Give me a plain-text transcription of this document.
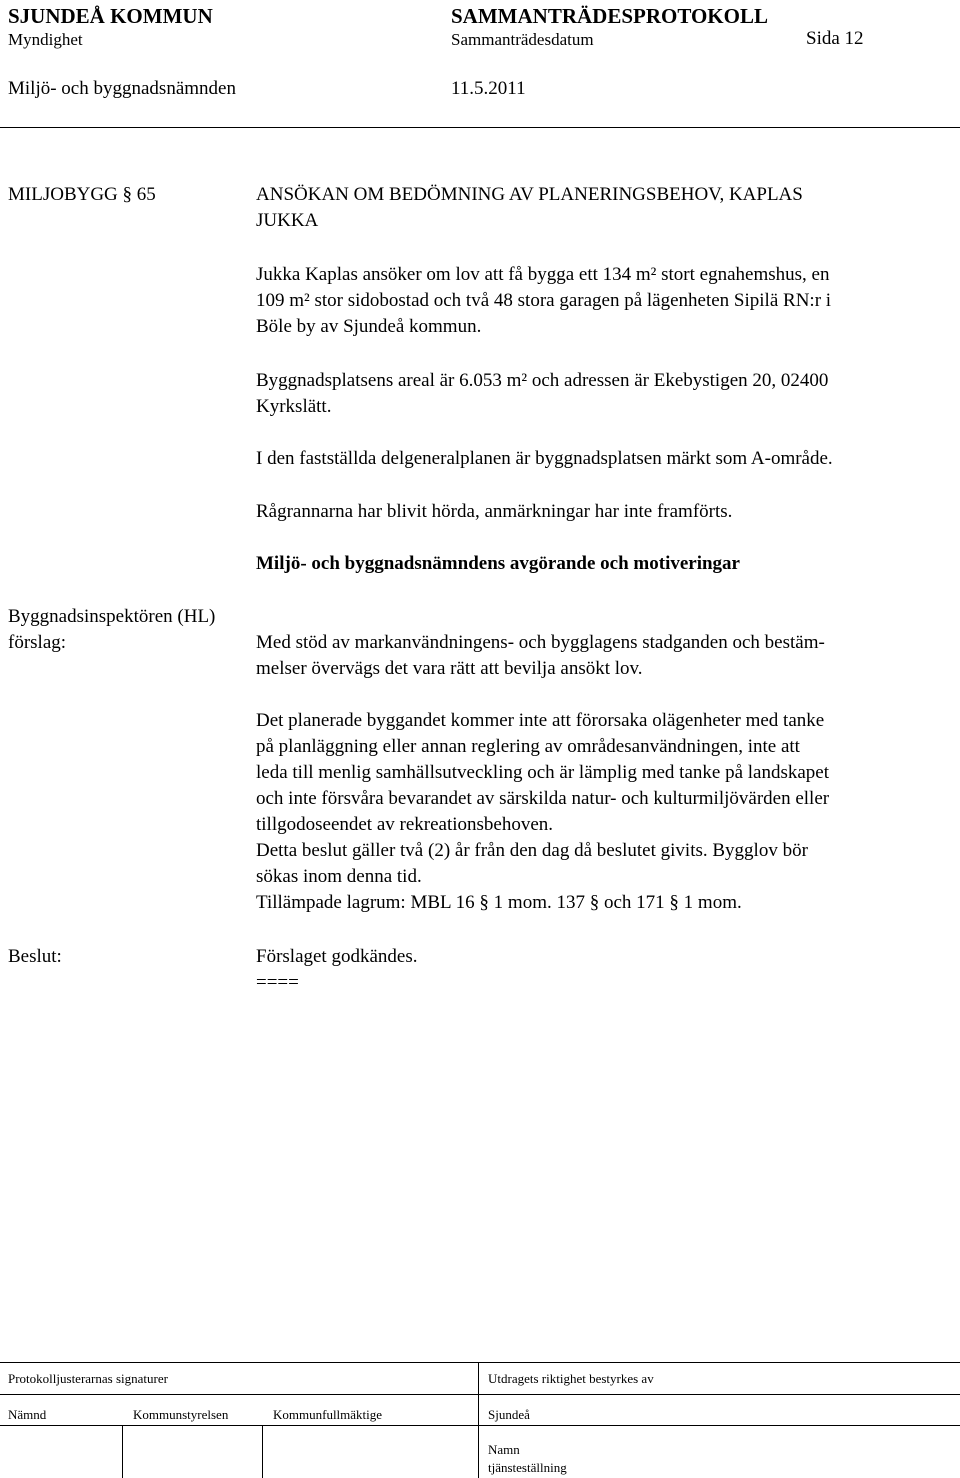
SJUNDEÅ KOMMUN	SAMMANTRÄDESPROTOKOLL
Myndighet	Sammanträdesdatum	Sida 12
Miljö- och byggnadsnämnden	11.5.2011
MILJOBYGG § 65	ANSÖKAN OM BEDÖMNING AV PLANERINGSBEHOV, KAPLAS
JUKKA
Jukka Kaplas ansöker om lov att få bygga ett 134 m² stort egnahemshus, en
109 m² stor sidobostad och två 48 stora garagen på lägenheten Sipilä RN:r i
Böle by av Sjundeå kommun.
Byggnadsplatsens areal är 6.053 m² och adressen är Ekebystigen 20, 02400
Kyrkslätt.
I den fastställda delgeneralplanen är byggnadsplatsen märkt som A-område.
Rågrannarna har blivit hörda, anmärkningar har inte framförts.
Miljö- och byggnadsnämndens avgörande och motiveringar
Byggnadsinspektören (HL)
förslag:	Med stöd av markanvändningens- och bygglagens stadganden och bestäm-
melser övervägs det vara rätt att bevilja ansökt lov.
Det planerade byggandet kommer inte att förorsaka olägenheter med tanke
på planläggning eller annan reglering av områdesanvändningen, inte att
leda till menlig samhällsutveckling och är lämplig med tanke på landskapet
och inte försvåra bevarandet av särskilda natur- och kulturmiljövärden eller
tillgodoseendet av rekreationsbehoven.
Detta beslut gäller två (2) år från den dag då beslutet givits. Bygglov bör
sökas inom denna tid.
Tillämpade lagrum: MBL 16 § 1 mom. 137 § och 171 § 1 mom.
Beslut:	Förslaget godkändes.
====
Protokolljusterarnas signaturer	Utdragets riktighet bestyrkes av
Nämnd	Kommunstyrelsen	Kommunfullmäktige	Sjundeå
Namn
tjänsteställning
